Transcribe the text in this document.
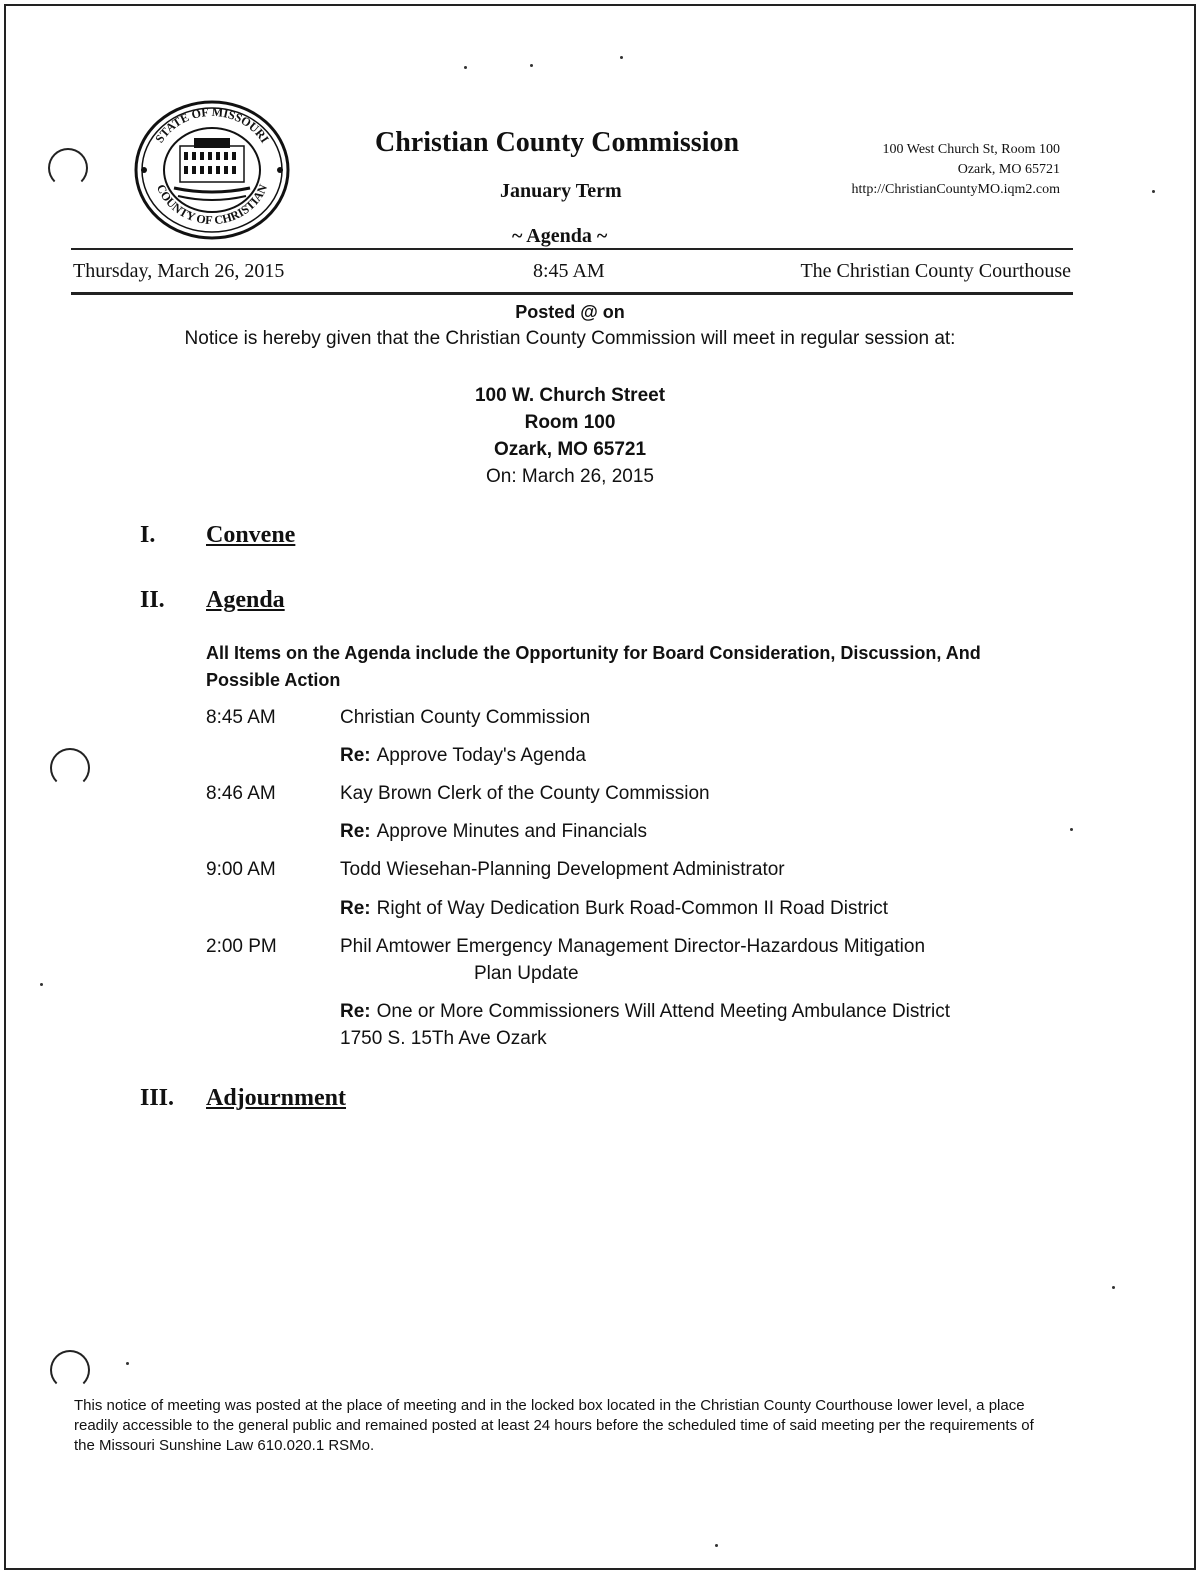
STATE OF MISSOURI
COUNTY OF CHRISTIAN
Christian County Commission
January Term
~ Agenda ~
100 West Church St, Room 100
Ozark, MO 65721
http://ChristianCountyMO.iqm2.com
Thursday, March 26, 2015	8:45 AM	The Christian County Courthouse
Posted @ on
Notice is hereby given that the Christian County Commission will meet in regular session at:
100 W. Church Street
Room 100
Ozark, MO 65721
On: March 26, 2015
I. Convene
II. Agenda
All Items on the Agenda include the Opportunity for Board Consideration, Discussion, And Possible Action
8:45 AM	Christian County Commission
Re: Approve Today's Agenda
8:46 AM	Kay Brown Clerk of the County Commission
Re: Approve Minutes and Financials
9:00 AM	Todd Wiesehan-Planning Development Administrator
Re: Right of Way Dedication Burk Road-Common II Road District
2:00 PM	Phil Amtower Emergency Management Director-Hazardous Mitigation
Plan Update
Re: One or More Commissioners Will Attend Meeting Ambulance District
1750 S. 15Th Ave Ozark
III. Adjournment
This notice of meeting was posted at the place of meeting and in the locked box located in the Christian County Courthouse lower level, a place readily accessible to the general public and remained posted at least 24 hours before the scheduled time of said meeting per the requirements of the Missouri Sunshine Law 610.020.1 RSMo.
